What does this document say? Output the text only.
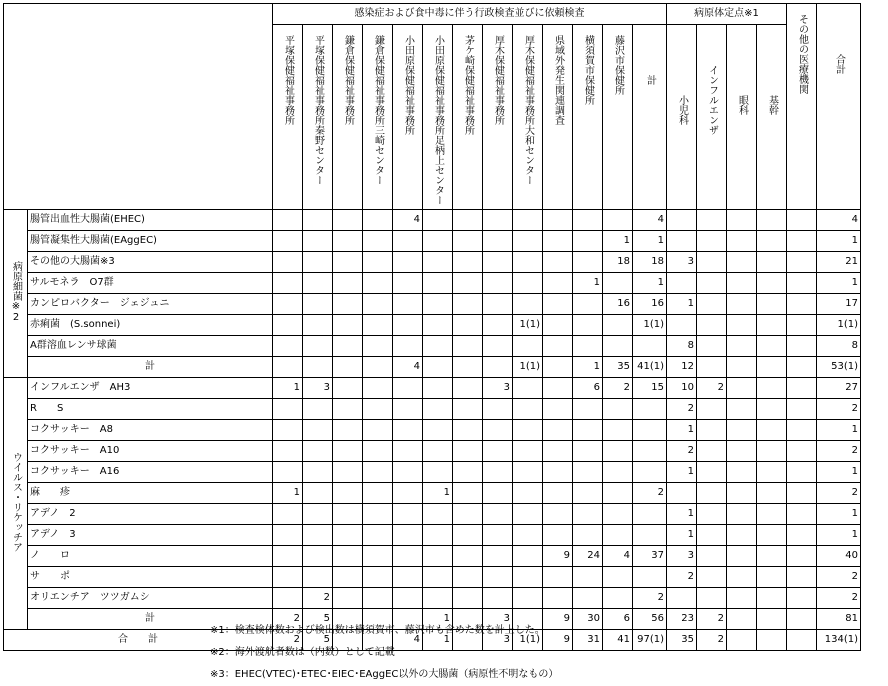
		感染症および食中毒に伴う行政検査並びに依頼検査													病原体定点※1				その他の医療機関	合計
		平塚保健福祉事務所	平塚保健福祉事務所秦野センター	鎌倉保健福祉事務所	鎌倉保健福祉事務所三崎センター	小田原保健福祉事務所	小田原保健福祉事務所足柄上センター	茅ケ崎保健福祉事務所	厚木保健福祉事務所	厚木保健福祉事務所大和センター	県域外発生関連調査	横須賀市保健所	藤沢市保健所	計	小児科	インフルエンザ	眼科	基幹		
病原細菌※2	腸管出血性大腸菌(EHEC)					4								4						4
	腸管凝集性大腸菌(EAggEC)												1	1						1
	その他の大腸菌※3												18	18	3					21
	サルモネラ　O7群											1		1						1
	カンピロバクター　ジェジュニ												16	16	1					17
	赤痢菌　(S.sonnei)									1(1)				1(1)						1(1)
	A群溶血レンサ球菌														8					8
	計					4				1(1)		1	35	41(1)	12					53(1)
ウイルス・リケッチア	インフルエンザ　AH3	1	3						3			6	2	15	10	2				27
	R　　S														2					2
	コクサッキー　A8														1					1
	コクサッキー　A10														2					2
	コクサッキー　A16														1					1
	麻　　疹	1					1							2						2
	アデノ　2														1					1
	アデノ　3														1					1
	ノ　　ロ										9	24	4	37	3					40
	サ　　ポ														2					2
	オリエンチア　ツツガムシ		2											2						2
	計	2	5				1		3		9	30	6	56	23	2				81
合　　計		2	5			4	1		3	1(1)	9	31	41	97(1)	35	2				134(1)
※1：検査検体数および検出数は横須賀市、藤沢市も含めた数を計上した。
※2：海外渡航者数は（内数）として記載
※3：EHEC(VTEC)･ETEC･EIEC･EAggEC以外の大腸菌（病原性不明なもの）
